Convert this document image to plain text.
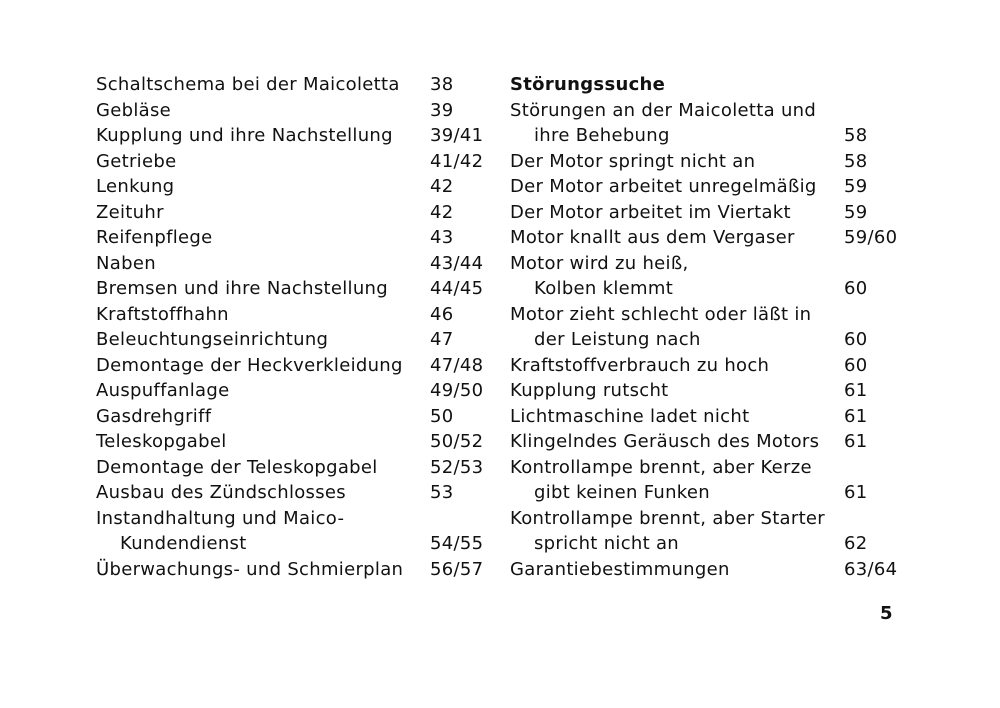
Schaltschema bei der Maicoletta 38
Gebläse	39
Kupplung und ihre Nachstellung 39/41
Getriebe	41/42
Lenkung	42
Zeituhr	42
Reifenpflege	43
Naben	43/44
Bremsen und ihre Nachstellung 44/45
Kraftstoffhahn	46
Beleuchtungseinrichtung	47
Demontage der Heckverkleidung 47/48
Auspuffanlage	49/50
Gasdrehgriff	50
Teleskopgabel	50/52
Demontage der Teleskopgabel	52/53
Ausbau des Zündschlosses	53
Instandhaltung und Maico-
Kundendienst	54/55
Überwachungs- und Schmierplan 56/57
Störungssuche
Störungen an der Maicoletta und
ihre Behebung	58
Der Motor springt nicht an	58
Der Motor arbeitet unregelmäßig 59
Der Motor arbeitet im Viertakt	59
Motor knallt aus dem Vergaser	59/60
Motor wird zu heiß,
Kolben klemmt	60
Motor zieht schlecht oder läßt in
der Leistung nach	60
Kraftstoffverbrauch zu hoch	60
Kupplung rutscht	61
Lichtmaschine ladet nicht	61
Klingelndes Geräusch des Motors 61
Kontrollampe brennt, aber Kerze
gibt keinen Funken	61
Kontrollampe brennt, aber Starter
spricht nicht an	62
Garantiebestimmungen	63/64
5
